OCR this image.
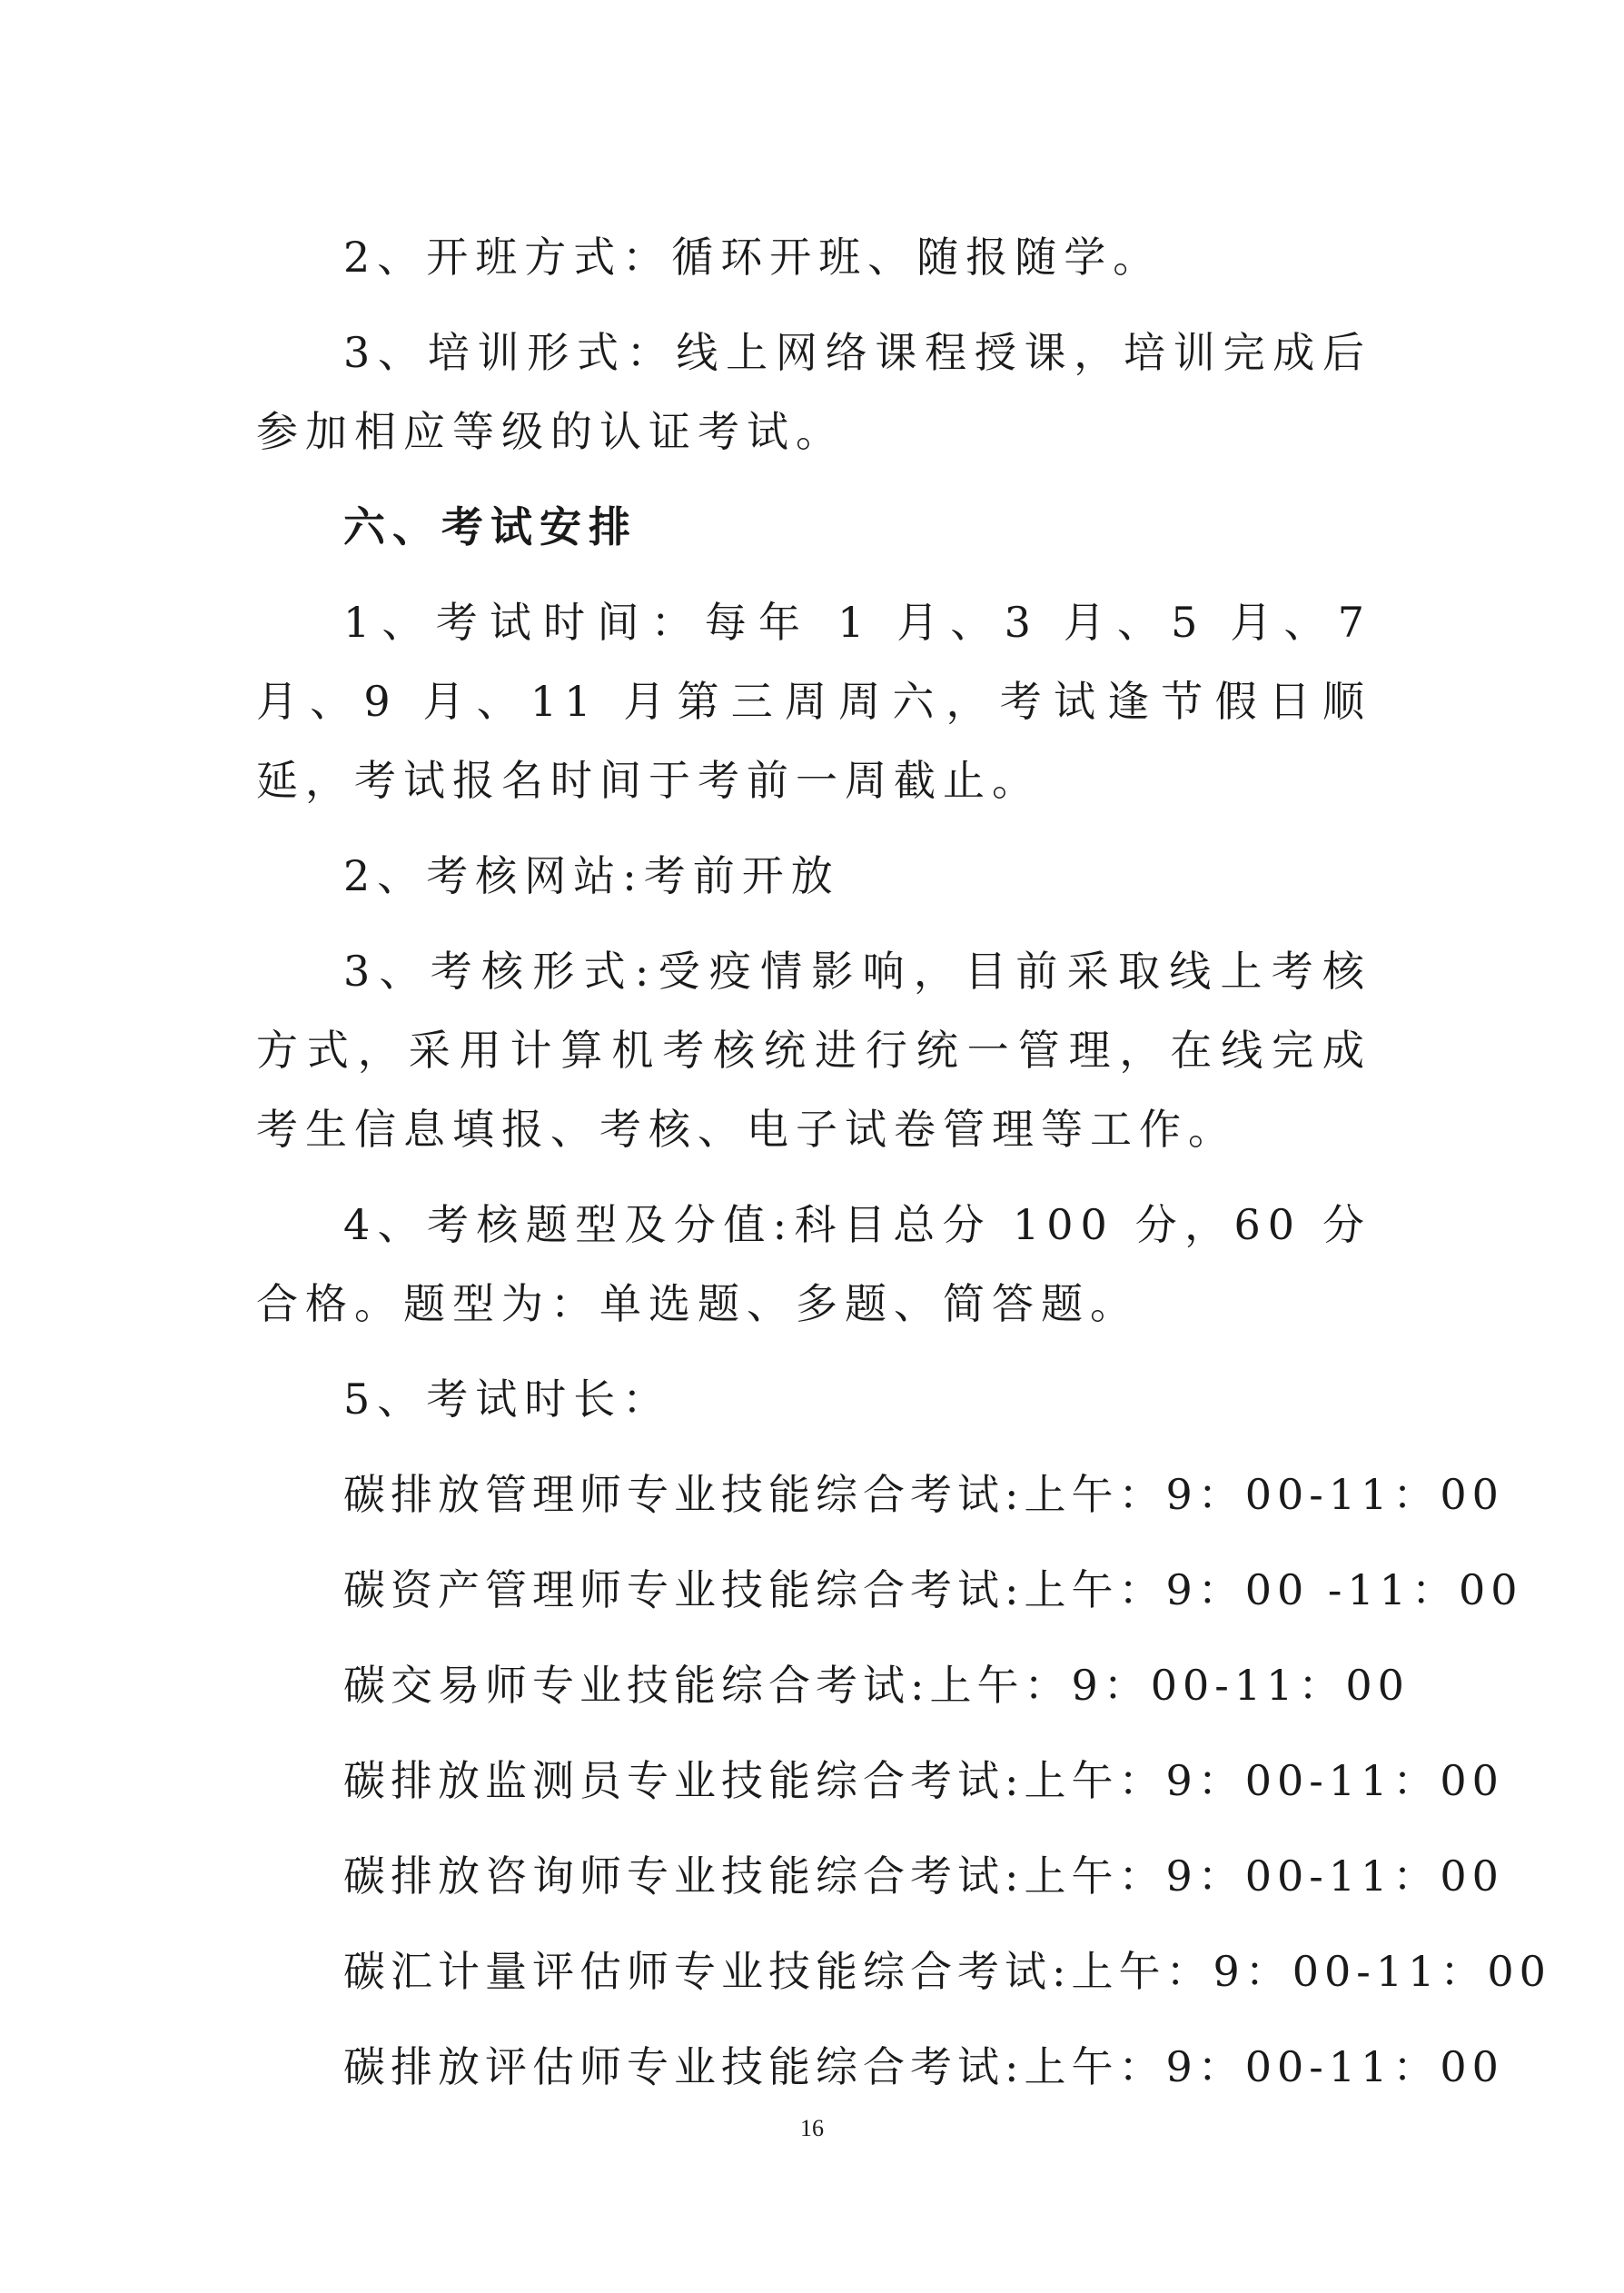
2、开班方式：循环开班、随报随学。

3、培训形式：线上网络课程授课，培训完成后参加相应等级的认证考试。

六、考试安排

1、考试时间：每年 1 月、3 月、5 月、7 月、9 月、11 月第三周周六，考试逢节假日顺延，考试报名时间于考前一周截止。

2、考核网站:考前开放

3、考核形式:受疫情影响，目前采取线上考核方式，采用计算机考核统进行统一管理，在线完成考生信息填报、考核、电子试卷管理等工作。

4、考核题型及分值:科目总分 100 分，60 分合格。题型为：单选题、多题、简答题。

5、考试时长：

碳排放管理师专业技能综合考试:上午：9：00-11：00
碳资产管理师专业技能综合考试:上午：9：00 -11：00
碳交易师专业技能综合考试:上午：9：00-11：00
碳排放监测员专业技能综合考试:上午：9：00-11：00
碳排放咨询师专业技能综合考试:上午：9：00-11：00
碳汇计量评估师专业技能综合考试:上午：9：00-11：00
碳排放评估师专业技能综合考试:上午：9：00-11：00
16
